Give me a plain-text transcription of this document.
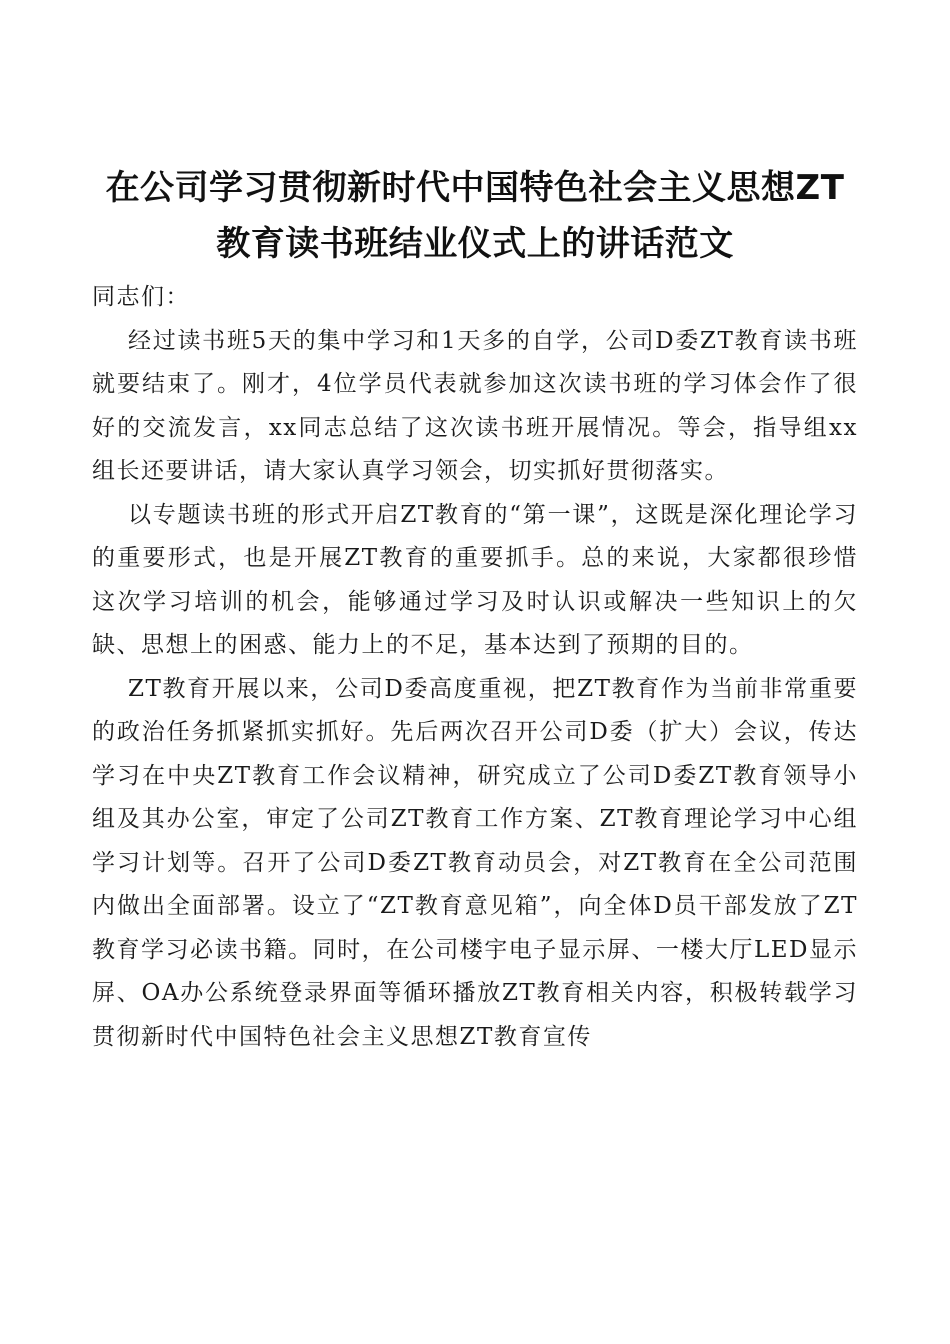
在公司学习贯彻新时代中国特色社会主义思想ZT教育读书班结业仪式上的讲话范文

同志们：

经过读书班5天的集中学习和1天多的自学，公司D委ZT教育读书班就要结束了。刚才，4位学员代表就参加这次读书班的学习体会作了很好的交流发言，xx同志总结了这次读书班开展情况。等会，指导组xx组长还要讲话，请大家认真学习领会，切实抓好贯彻落实。

以专题读书班的形式开启ZT教育的“第一课”，这既是深化理论学习的重要形式，也是开展ZT教育的重要抓手。总的来说，大家都很珍惜这次学习培训的机会，能够通过学习及时认识或解决一些知识上的欠缺、思想上的困惑、能力上的不足，基本达到了预期的目的。

ZT教育开展以来，公司D委高度重视，把ZT教育作为当前非常重要的政治任务抓紧抓实抓好。先后两次召开公司D委（扩大）会议，传达学习在中央ZT教育工作会议精神，研究成立了公司D委ZT教育领导小组及其办公室，审定了公司ZT教育工作方案、ZT教育理论学习中心组学习计划等。召开了公司D委ZT教育动员会，对ZT教育在全公司范围内做出全面部署。设立了“ZT教育意见箱”，向全体D员干部发放了ZT教育学习必读书籍。同时，在公司楼宇电子显示屏、一楼大厅LED显示屏、OA办公系统登录界面等循环播放ZT教育相关内容，积极转载学习贯彻新时代中国特色社会主义思想ZT教育宣传
